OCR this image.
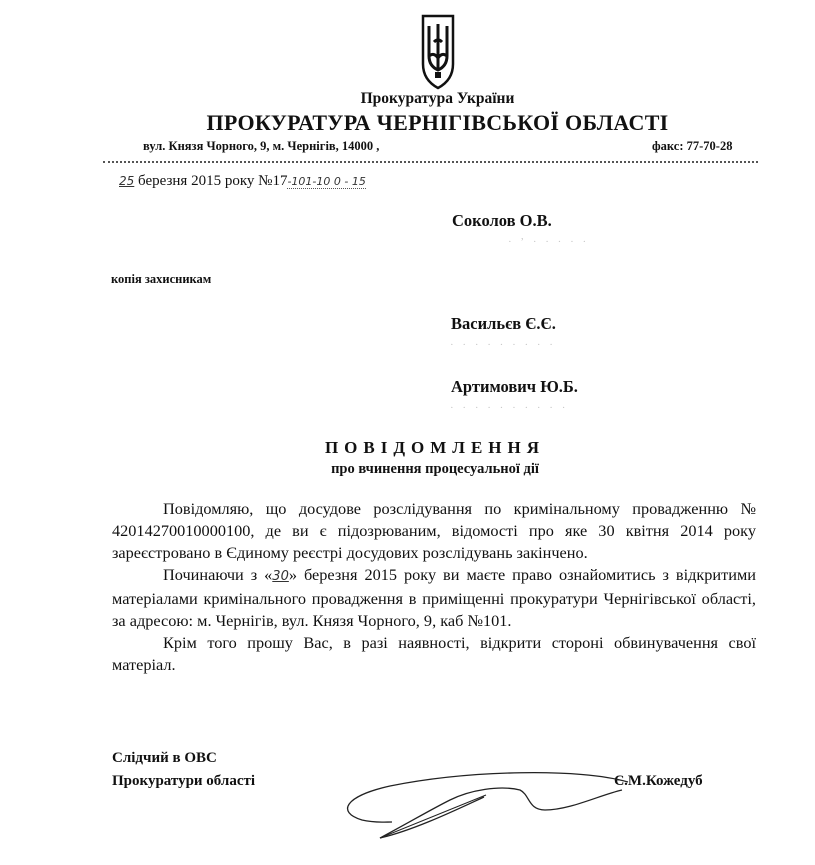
Прокуратура України
ПРОКУРАТУРА ЧЕРНІГІВСЬКОЇ ОБЛАСТІ
вул. Князя Чорного, 9, м. Чернігів, 14000 ,	факс: 77-70-28
25 березня 2015 року №17-101-10 0 - 15
Соколов О.В.
· ʼ · · · · ·
копія захисникам
Васильєв Є.Є.
· · · · · · · · ·
Артимович Ю.Б.
· · · · · · · · · ·
ПОВІДОМЛЕННЯ
про вчинення процесуальної дії

Повідомляю, що досудове розслідування по кримінальному провадженню № 42014270010000100, де ви є підозрюваним, відомості про яке 30 квітня 2014 року зареєстровано в Єдиному реєстрі досудових розслідувань закінчено.

Починаючи з «30» березня 2015 року ви маєте право ознайомитись з відкритими матеріалами кримінального провадження в приміщенні прокуратури Чернігівської області, за адресою: м. Чернігів, вул. Князя Чорного, 9, каб №101.

Крім того прошу Вас, в разі наявності, відкрити стороні обвинувачення свої матеріал.

Слідчий в ОВС
Прокуратури області	Є.М.Кожедуб
